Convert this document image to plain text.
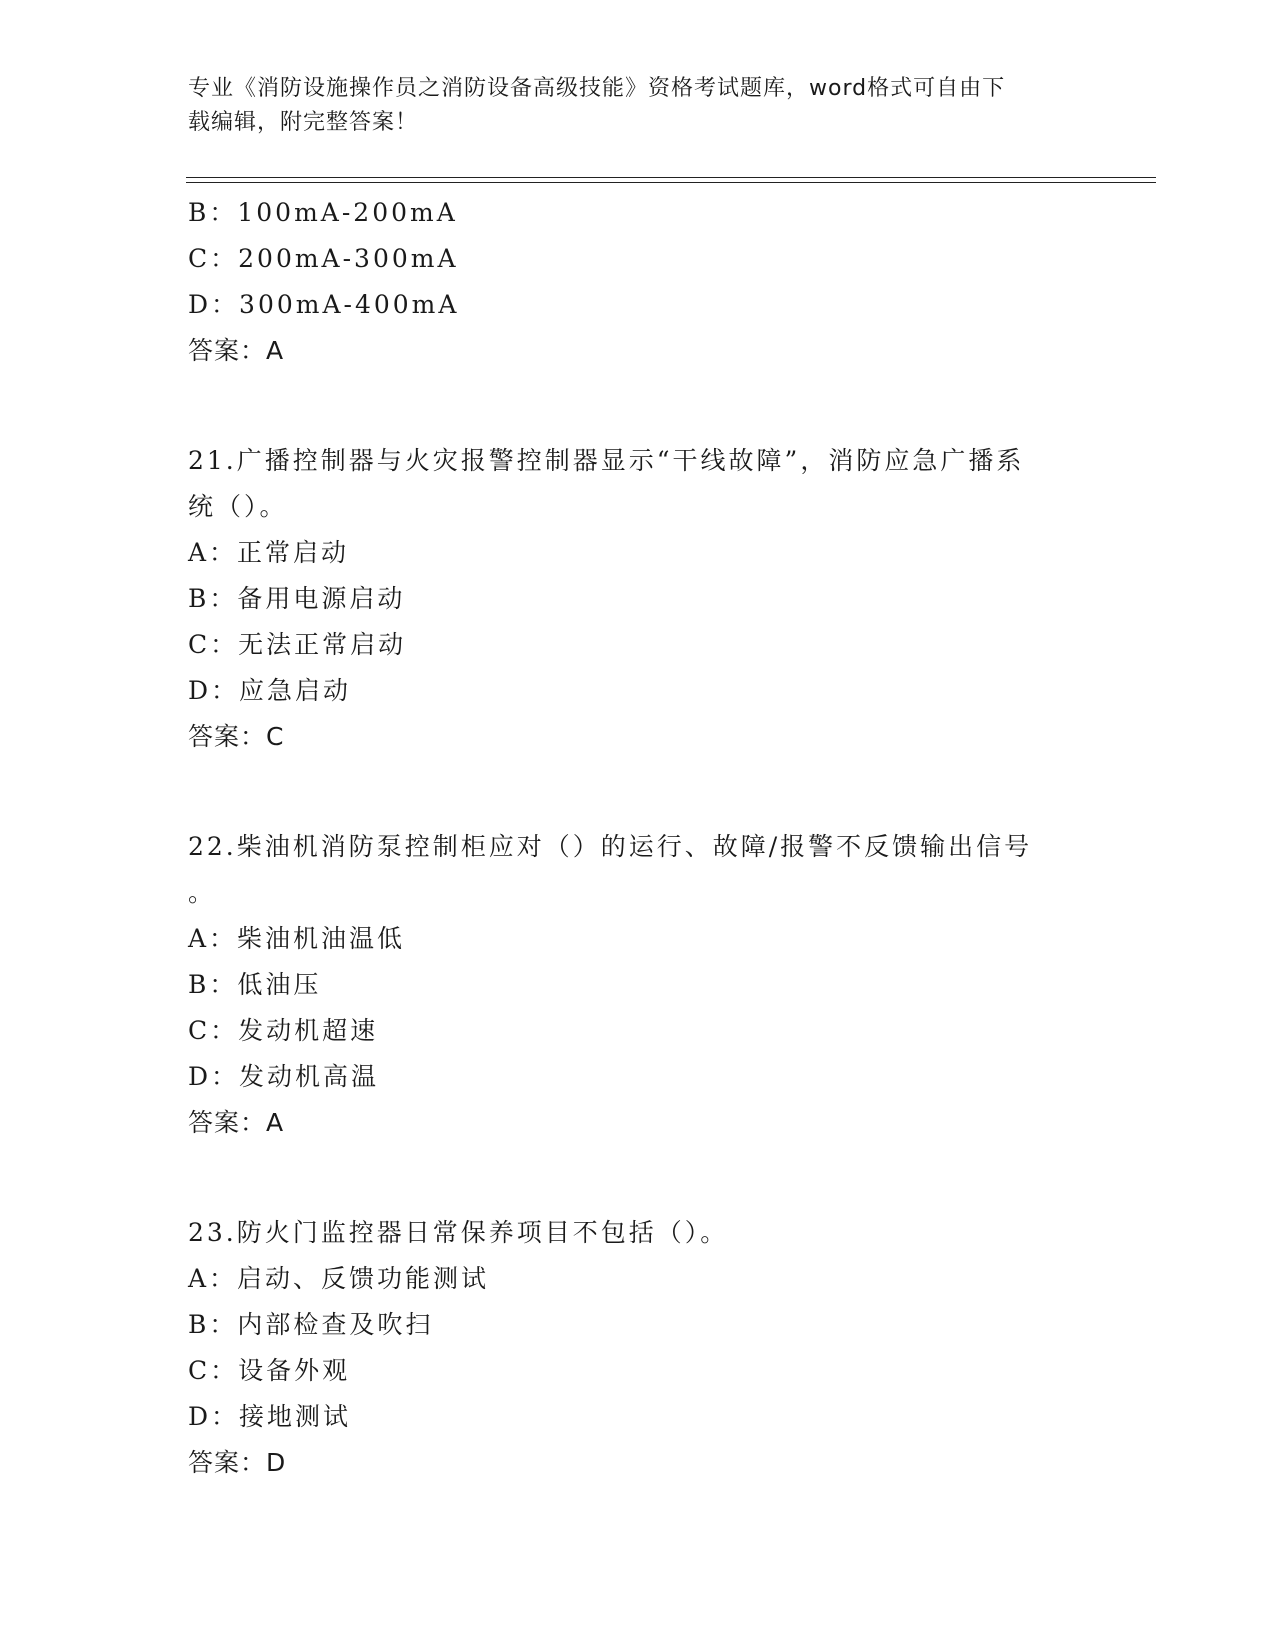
专业《消防设施操作员之消防设备高级技能》资格考试题库，word格式可自由下
载编辑，附完整答案！
B：100mA-200mA
C：200mA-300mA
D：300mA-400mA
答案：A
21.广播控制器与火灾报警控制器显示“干线故障”，消防应急广播系
统（）。
A：正常启动
B：备用电源启动
C：无法正常启动
D：应急启动
答案：C
22.柴油机消防泵控制柜应对（）的运行、故障/报警不反馈输出信号
。
A：柴油机油温低
B：低油压
C：发动机超速
D：发动机高温
答案：A
23.防火门监控器日常保养项目不包括（）。
A：启动、反馈功能测试
B：内部检查及吹扫
C：设备外观
D：接地测试
答案：D
